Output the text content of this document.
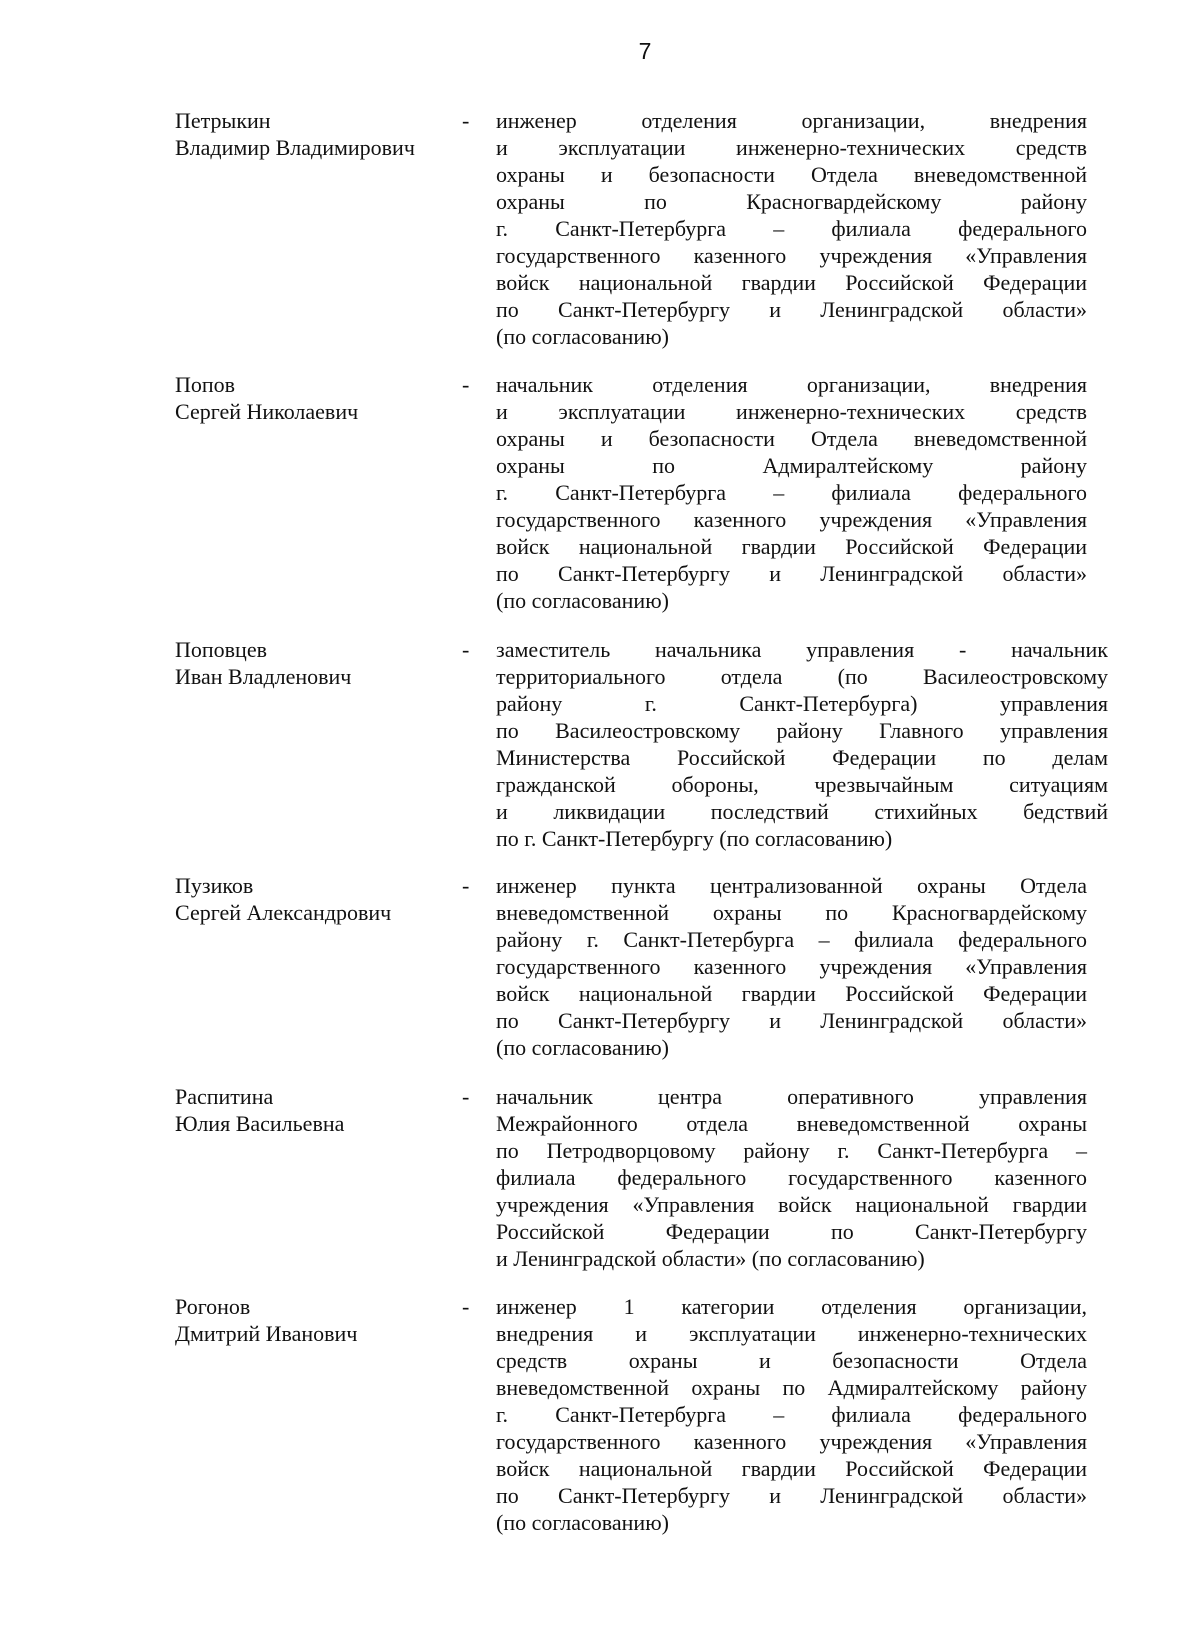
7
Петрыкин
Владимир Владимирович
- инженер отделения организации, внедрения
и эксплуатации инженерно-технических средств
охраны и безопасности Отдела вневедомственной
охраны по Красногвардейскому району
г. Санкт-Петербурга – филиала федерального
государственного казенного учреждения «Управления
войск национальной гвардии Российской Федерации
по Санкт-Петербургу и Ленинградской области»
(по согласованию)
Попов
Сергей Николаевич
- начальник отделения организации, внедрения
и эксплуатации инженерно-технических средств
охраны и безопасности Отдела вневедомственной
охраны по Адмиралтейскому району
г. Санкт-Петербурга – филиала федерального
государственного казенного учреждения «Управления
войск национальной гвардии Российской Федерации
по Санкт-Петербургу и Ленинградской области»
(по согласованию)
Поповцев
Иван Владленович
- заместитель начальника управления - начальник
территориального отдела (по Василеостровскому
району г. Санкт-Петербурга) управления
по Василеостровскому району Главного управления
Министерства Российской Федерации по делам
гражданской обороны, чрезвычайным ситуациям
и ликвидации последствий стихийных бедствий
по г. Санкт-Петербургу (по согласованию)
Пузиков
Сергей Александрович
- инженер пункта централизованной охраны Отдела
вневедомственной охраны по Красногвардейскому
району г. Санкт-Петербурга – филиала федерального
государственного казенного учреждения «Управления
войск национальной гвардии Российской Федерации
по Санкт-Петербургу и Ленинградской области»
(по согласованию)
Распитина
Юлия Васильевна
- начальник центра оперативного управления
Межрайонного отдела вневедомственной охраны
по Петродворцовому району г. Санкт-Петербурга –
филиала федерального государственного казенного
учреждения «Управления войск национальной гвардии
Российской Федерации по Санкт-Петербургу
и Ленинградской области» (по согласованию)
Рогонов
Дмитрий Иванович
- инженер 1 категории отделения организации,
внедрения и эксплуатации инженерно-технических
средств охраны и безопасности Отдела
вневедомственной охраны по Адмиралтейскому району
г. Санкт-Петербурга – филиала федерального
государственного казенного учреждения «Управления
войск национальной гвардии Российской Федерации
по Санкт-Петербургу и Ленинградской области»
(по согласованию)
